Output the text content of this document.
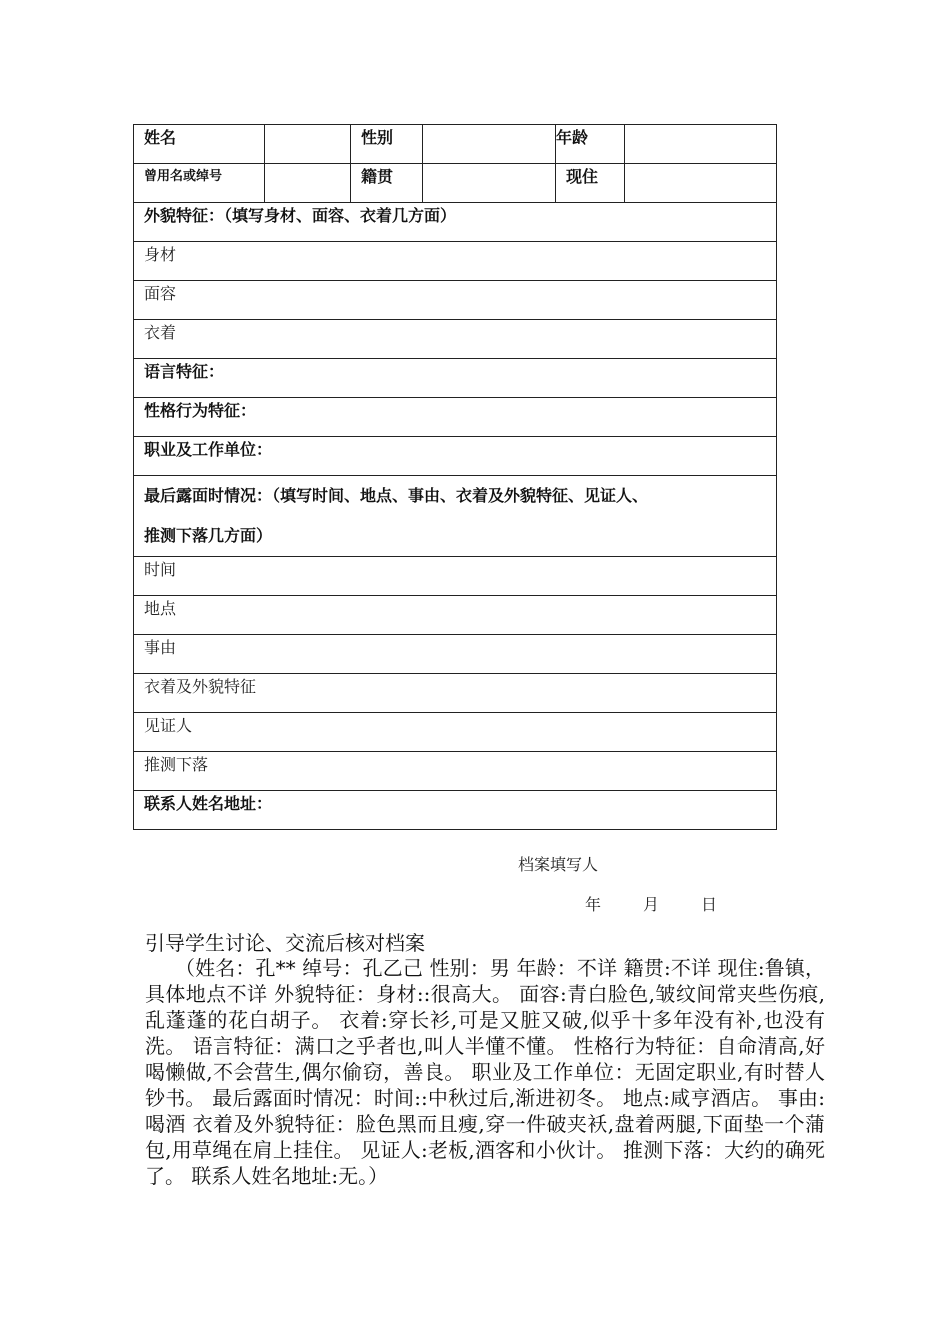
姓名		性别		年龄	
曾用名或绰号		籍贯		现住	
外貌特征：（填写身材、面容、衣着几方面）					
身材					
面容					
衣着					
语言特征：					
性格行为特征：					
职业及工作单位：					

最后露面时情况：（填写时间、地点、事由、衣着及外貌特征、见证人、
推测下落几方面）					

时间					
地点					
事由					
衣着及外貌特征					
见证人					
推测下落					
联系人姓名地址：					
档案填写人
年	月	日
引导学生讨论、交流后核对档案
（姓名：孔** 绰号：孔乙己 性别：男 年龄：不详 籍贯:不详 现住:鲁镇，具体地点不详 外貌特征：身材::很高大。 面容:青白脸色,皱纹间常夹些伤痕,乱蓬蓬的花白胡子。 衣着:穿长衫,可是又脏又破,似乎十多年没有补,也没有洗。 语言特征：满口之乎者也,叫人半懂不懂。 性格行为特征：自命清高,好喝懒做,不会营生,偶尔偷窃，善良。 职业及工作单位：无固定职业,有时替人钞书。 最后露面时情况：时间::中秋过后,渐进初冬。 地点:咸亨酒店。 事由:喝酒 衣着及外貌特征：脸色黑而且瘦,穿一件破夹袄,盘着两腿,下面垫一个蒲包,用草绳在肩上挂住。 见证人:老板,酒客和小伙计。 推测下落：大约的确死了。 联系人姓名地址:无。）
